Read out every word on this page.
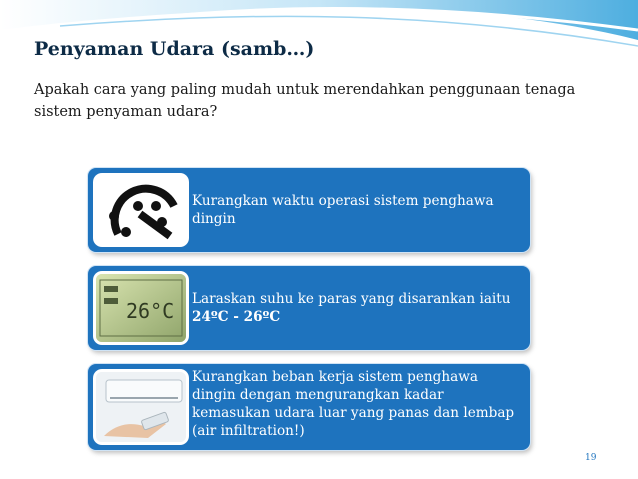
Penyaman Udara (samb…)
Apakah cara yang paling mudah untuk merendahkan penggunaan tenaga sistem penyaman udara?
Kurangkan waktu operasi sistem penghawa dingin
26°C Laraskan suhu ke paras yang disarankan iaitu 24ºC - 26ºC
Kurangkan beban kerja sistem penghawa dingin dengan mengurangkan kadar kemasukan udara luar yang panas dan lembap (air infiltration!)
19
